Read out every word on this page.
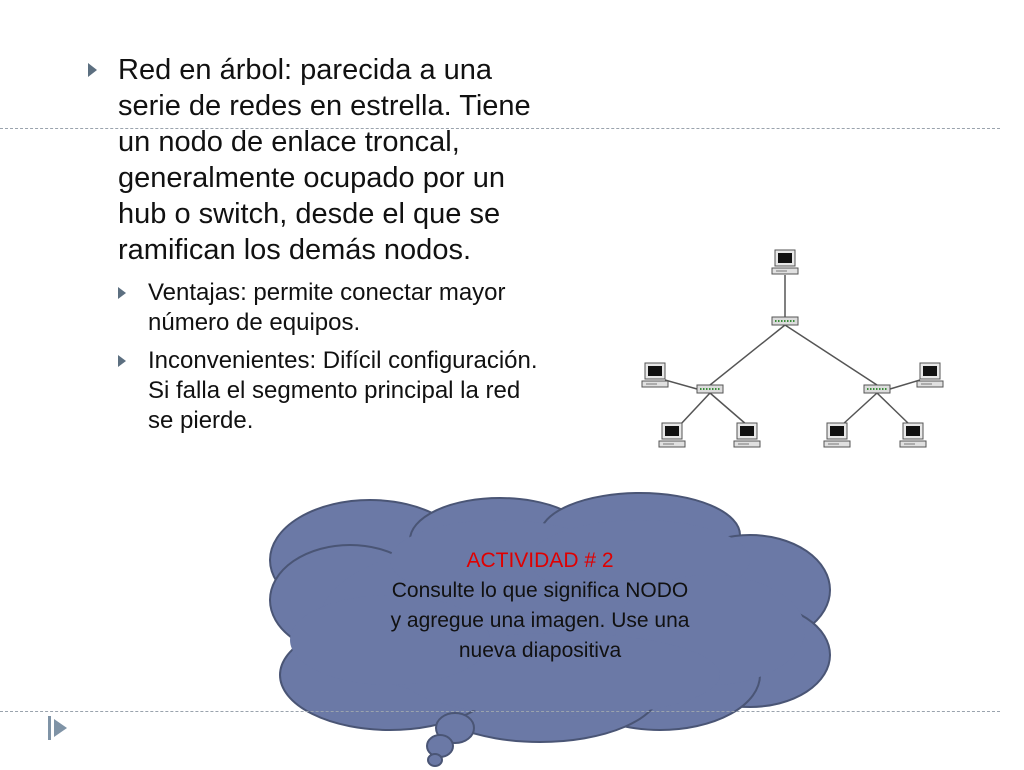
Red en árbol: parecida a una serie de redes en estrella. Tiene un nodo de enlace troncal, generalmente ocupado por un hub o switch, desde el que se ramifican los demás nodos.
Ventajas: permite conectar mayor número de equipos.
Inconvenientes: Difícil configuración. Si falla el segmento principal la red se pierde.
ACTIVIDAD # 2
Consulte lo que significa NODO
y agregue una imagen. Use una
nueva diapositiva
